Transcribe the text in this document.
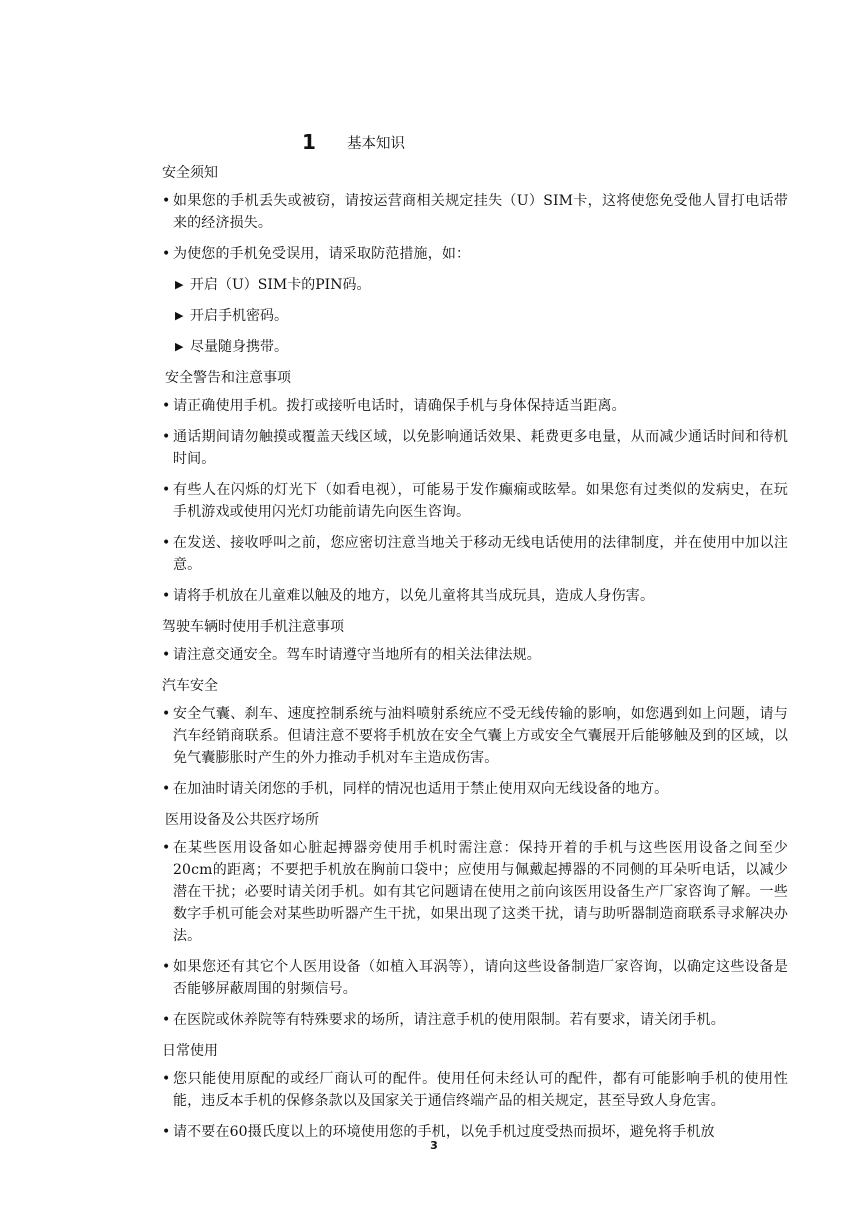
1 基本知识
安全须知
• 如果您的手机丢失或被窃，请按运营商相关规定挂失（U）SIM卡，这将使您免受他人冒打电话带来的经济损失。
• 为使您的手机免受误用，请采取防范措施，如：
▶ 开启（U）SIM卡的PIN码。
▶ 开启手机密码。
▶ 尽量随身携带。
安全警告和注意事项
• 请正确使用手机。拨打或接听电话时，请确保手机与身体保持适当距离。
• 通话期间请勿触摸或覆盖天线区域，以免影响通话效果、耗费更多电量，从而减少通话时间和待机时间。
• 有些人在闪烁的灯光下（如看电视），可能易于发作癫痫或眩晕。如果您有过类似的发病史，在玩手机游戏或使用闪光灯功能前请先向医生咨询。
• 在发送、接收呼叫之前，您应密切注意当地关于移动无线电话使用的法律制度，并在使用中加以注意。
• 请将手机放在儿童难以触及的地方，以免儿童将其当成玩具，造成人身伤害。
驾驶车辆时使用手机注意事项
• 请注意交通安全。驾车时请遵守当地所有的相关法律法规。
汽车安全
• 安全气囊、刹车、速度控制系统与油料喷射系统应不受无线传输的影响，如您遇到如上问题，请与汽车经销商联系。但请注意不要将手机放在安全气囊上方或安全气囊展开后能够触及到的区域，以免气囊膨胀时产生的外力推动手机对车主造成伤害。
• 在加油时请关闭您的手机，同样的情况也适用于禁止使用双向无线设备的地方。
医用设备及公共医疗场所
• 在某些医用设备如心脏起搏器旁使用手机时需注意：保持开着的手机与这些医用设备之间至少20cm的距离；不要把手机放在胸前口袋中；应使用与佩戴起搏器的不同侧的耳朵听电话，以减少潜在干扰；必要时请关闭手机。如有其它问题请在使用之前向该医用设备生产厂家咨询了解。一些数字手机可能会对某些助听器产生干扰，如果出现了这类干扰，请与助听器制造商联系寻求解决办法。
• 如果您还有其它个人医用设备（如植入耳涡等），请向这些设备制造厂家咨询，以确定这些设备是否能够屏蔽周围的射频信号。
• 在医院或休养院等有特殊要求的场所，请注意手机的使用限制。若有要求，请关闭手机。
日常使用
• 您只能使用原配的或经厂商认可的配件。使用任何未经认可的配件，都有可能影响手机的使用性能，违反本手机的保修条款以及国家关于通信终端产品的相关规定，甚至导致人身危害。
• 请不要在60摄氏度以上的环境使用您的手机，以免手机过度受热而损坏，避免将手机放
3
